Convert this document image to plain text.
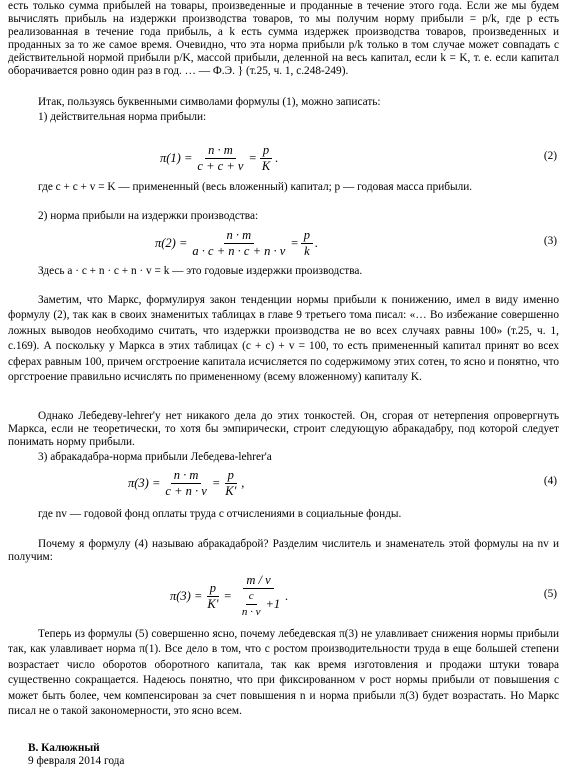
есть только сумма прибылей на товары, произведенные и проданные в течение этого года. Если же мы будем вычислять прибыль на издержки производства товаров, то мы получим норму прибыли = p/k, где p есть реализованная в течение года прибыль, а k есть сумма издержек производства товаров, произведенных и проданных за то же самое время. Очевидно, что эта норма прибыли p/k только в том случае может совпадать с действительной нормой прибыли p/K, массой прибыли, деленной на весь капитал, если k = K, т. е. если капитал оборачивается ровно один раз в год. … — Ф.Э. } (т.25, ч. 1, с.248-249).

Итак, пользуясь буквенными символами формулы (1), можно записать:

1) действительная норма прибыли:

$\pi(1) = \frac{n \cdot m}{c + c + v} = \frac{p}{K}$ .	(2)

где c + c + v = K — примененный (весь вложенный) капитал; p — годовая масса прибыли.

2) норма прибыли на издержки производства:

$\pi(2) = \frac{n \cdot m}{a \cdot c + n \cdot c + n \cdot v} = \frac{p}{k}$ .	(3)

Здесь a · c + n · c + n · v = k — это годовые издержки производства.

Заметим, что Маркс, формулируя закон тенденции нормы прибыли к понижению, имел в виду именно формулу (2), так как в своих знаменитых таблицах в главе 9 третьего тома писал: «… Во избежание совершенно ложных выводов необходимо считать, что издержки производства не во всех случаях равны 100» (т.25, ч. 1, с.169). А поскольку у Маркса в этих таблицах (c + c) + v = 100, то есть примененный капитал принят во всех сферах равным 100, причем огстроение капитала исчисляется по содержимому этих сотен, то ясно и понятно, что оргстроение правильно исчислять по примененному (всему вложенному) капиталу K.

Однако Лебедеву-lehrer'у нет никакого дела до этих тонкостей. Он, сгорая от нетерпения опровергнуть Маркса, если не теоретически, то хотя бы эмпирически, строит следующую абракадабру, под которой следует понимать норму прибыли.

3) абракадабра-норма прибыли Лебедева-lehrer'а

$\pi(3) = \frac{n \cdot m}{c + n \cdot v} = \frac{p}{K'}$ ,	(4)

где nv — годовой фонд оплаты труда с отчислениями в социальные фонды.

Почему я формулу (4) называю абракадаброй? Разделим числитель и знаменатель этой формулы на nv и получим:

$\pi(3) = \frac{p}{K'} = \frac{m / v}{\frac{c}{n \cdot v} +1}$ .	(5)

Теперь из формулы (5) совершенно ясно, почему лебедевская π(3) не улавливает снижения нормы прибыли так, как улавливает норма π(1). Все дело в том, что с ростом производительности труда в еще большей степени возрастает число оборотов оборотного капитала, так как время изготовления и продажи штуки товара существенно сокращается. Надеюсь понятно, что при фиксированном v рост нормы прибыли от повышения c может быть более, чем компенсирован за счет повышения n и норма прибыли π(3) будет возрастать. Но Маркс писал не о такой закономерности, это ясно всем.

В. Калюжный

9 февраля 2014 года
